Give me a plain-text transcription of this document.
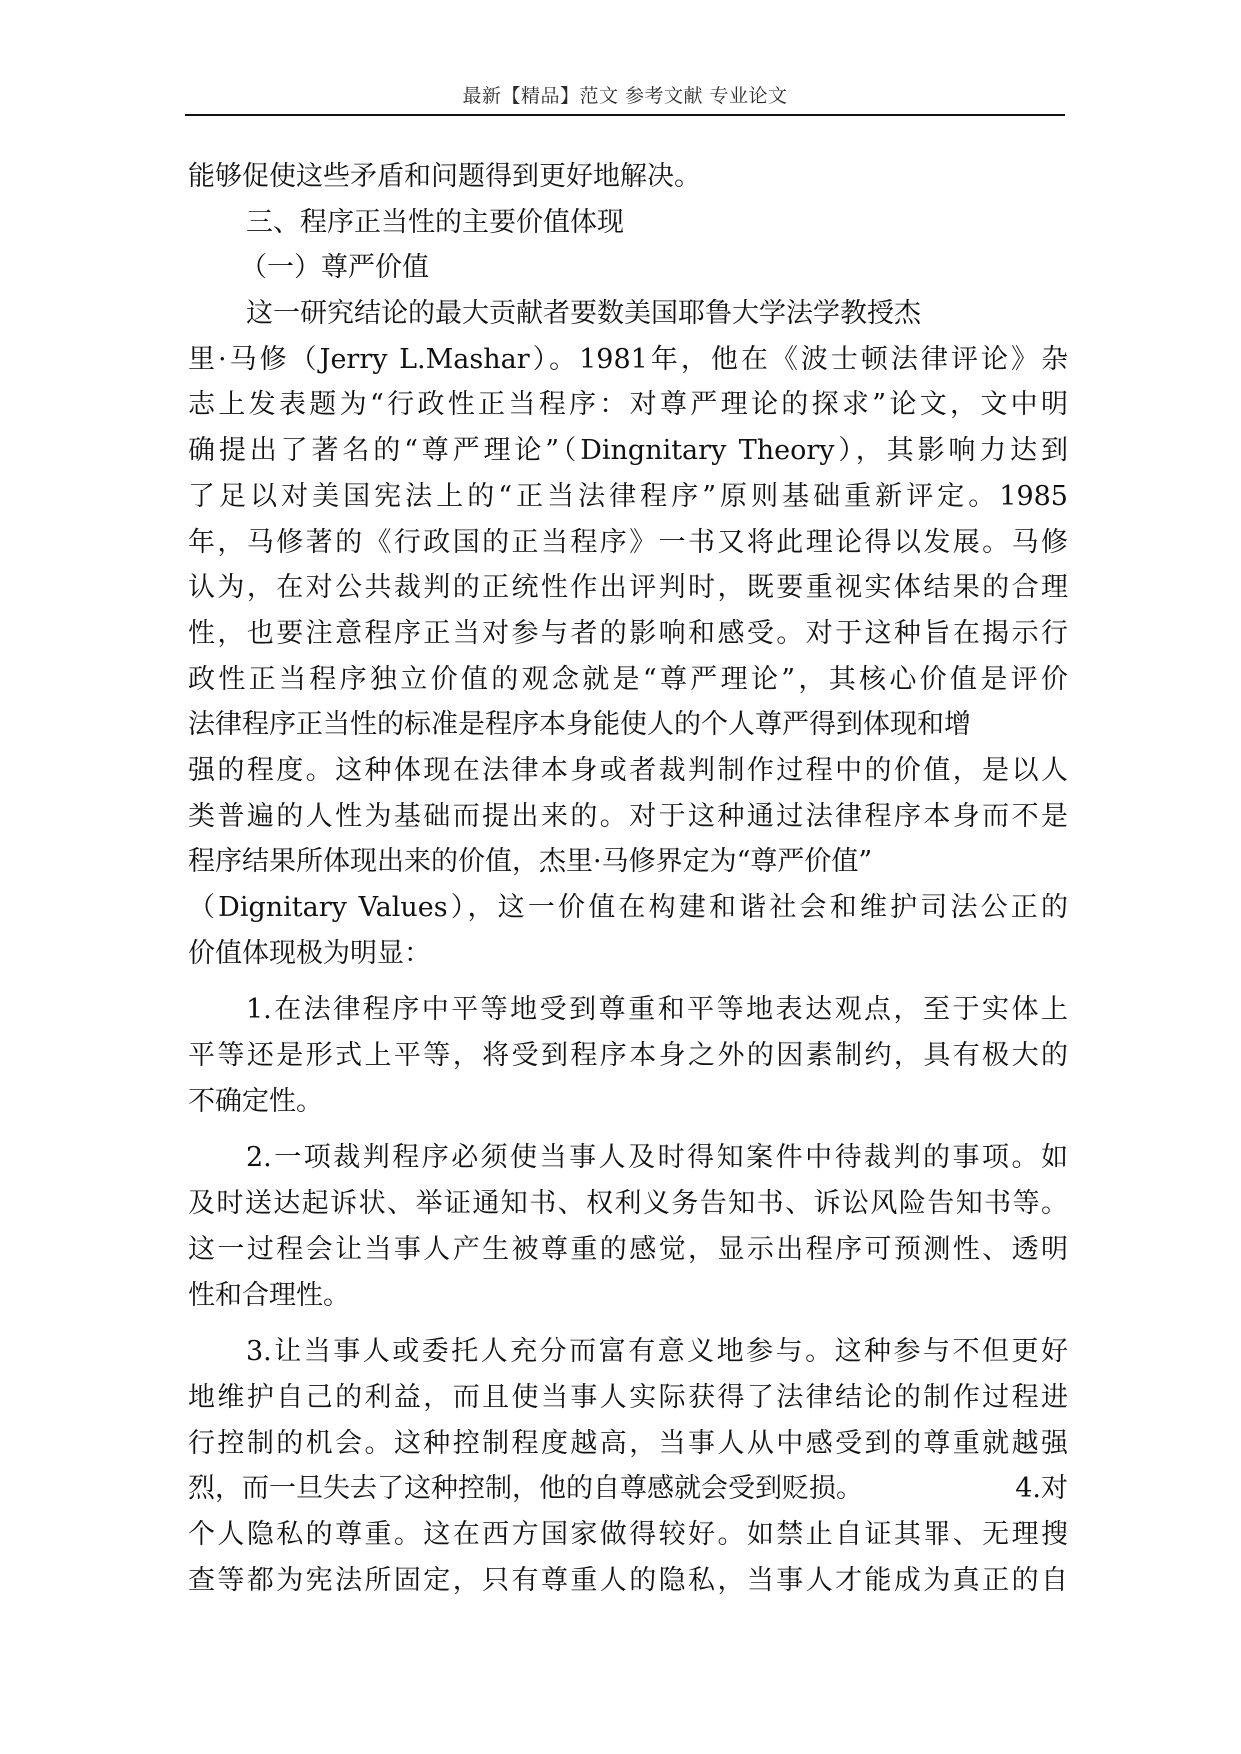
最新【精品】范文 参考文献 专业论文
能够促使这些矛盾和问题得到更好地解决。
三、程序正当性的主要价值体现
（一）尊严价值
这一研究结论的最大贡献者要数美国耶鲁大学法学教授杰
里·马修（Jerry L.Mashar）。1981年，他在《波士顿法律评论》杂
志上发表题为“行政性正当程序：对尊严理论的探求”论文，文中明
确提出了著名的“尊严理论”（Dingnitary Theory），其影响力达到
了足以对美国宪法上的“正当法律程序”原则基础重新评定。1985
年，马修著的《行政国的正当程序》一书又将此理论得以发展。马修
认为，在对公共裁判的正统性作出评判时，既要重视实体结果的合理
性，也要注意程序正当对参与者的影响和感受。对于这种旨在揭示行
政性正当程序独立价值的观念就是“尊严理论”，其核心价值是评价
法律程序正当性的标准是程序本身能使人的个人尊严得到体现和增
强的程度。这种体现在法律本身或者裁判制作过程中的价值，是以人
类普遍的人性为基础而提出来的。对于这种通过法律程序本身而不是
程序结果所体现出来的价值，杰里·马修界定为“尊严价值”
（Dignitary Values），这一价值在构建和谐社会和维护司法公正的
价值体现极为明显：
1.在法律程序中平等地受到尊重和平等地表达观点，至于实体上
平等还是形式上平等，将受到程序本身之外的因素制约，具有极大的
不确定性。
2.一项裁判程序必须使当事人及时得知案件中待裁判的事项。如
及时送达起诉状、举证通知书、权利义务告知书、诉讼风险告知书等。
这一过程会让当事人产生被尊重的感觉，显示出程序可预测性、透明
性和合理性。
3.让当事人或委托人充分而富有意义地参与。这种参与不但更好
地维护自己的利益，而且使当事人实际获得了法律结论的制作过程进
行控制的机会。这种控制程度越高，当事人从中感受到的尊重就越强
烈，而一旦失去了这种控制，他的自尊感就会受到贬损。	4.对
个人隐私的尊重。这在西方国家做得较好。如禁止自证其罪、无理搜
查等都为宪法所固定，只有尊重人的隐私，当事人才能成为真正的自
